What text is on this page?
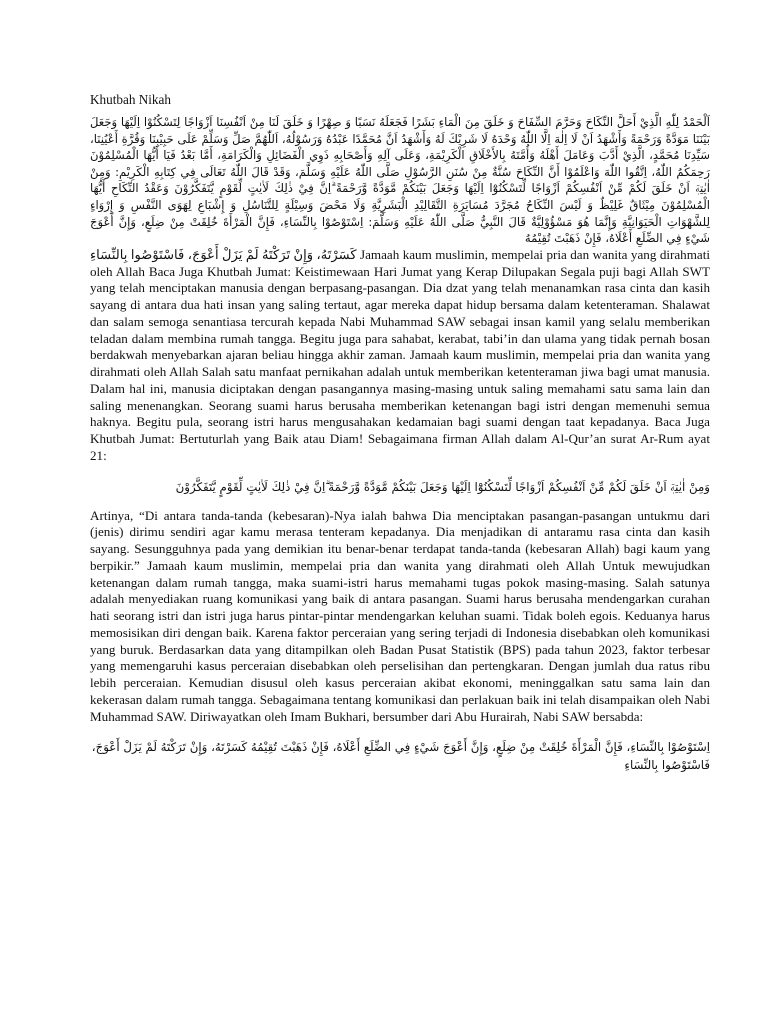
Khutbah Nikah

اَلْحَمْدُ لِلّٰهِ الَّذِيْ أَحَلَّ النِّكَاحَ وَحَرَّمَ السِّفَاحَ وَ خَلَقَ مِنَ الْمَاءِ بَشَرًا فَجَعَلَهُ نَسَبًا وَ صِهْرًا وَ خَلَقَ لَنَا مِنْ اَنْفُسِنَا اَزْوَاجًا لِتَسْكُنُوْا اِلَيْهَا وَجَعَلَ بَيْنَنَا مَوَدَّةً وَرَحْمَةً وَأَشْهَدُ اَنْ لَا اِلٰهَ اِلَّا اللّٰهُ وَحْدَهُ لَا شَرِيْكَ لَهُ وَأَشْهَدُ اَنَّ مُحَمَّدًا عَبْدُهُ وَرَسُوْلُهُ، اَللّٰهُمَّ صَلِّ وَسَلِّمْ عَلَى حَبِيْبِنَا وَقُرَّةِ أَعْيُنِنَا، سَيِّدِنَا مُحَمَّدٍ، الَّذِيْ أَدَّبَ وَعَامَلَ أَهْلَهُ وَأُمَّتَهُ بِالأَخْلَاقِ الْكَرِيْمَةِ، وَعَلَى آلِهِ وَأَصْحَابِهِ ذَوِي الْفَضَائِلِ وَالْكَرَامَةِ، أَمَّا بَعْدُ فَيَا أَيُّهَا الْمُسْلِمُوْنَ رَحِمَكُمُ اللّٰهُ، اِتَّقُوا اللّٰهَ وَاعْلَمُوْا أَنَّ النِّكَاحَ سُنَّةٌ مِنْ سُنَنِ الرَّسُوْلِ صَلَّى اللّٰهُ عَلَيْهِ وَسَلَّمَ، وَقَدْ قَالَ اللّٰهُ تَعَالَى فِي كِتَابِهِ الْكَرِيْمِ: وَمِنْ اٰيٰتِهٖٓ اَنْ خَلَقَ لَكُمْ مِّنْ اَنْفُسِكُمْ اَزْوَاجًا لِّتَسْكُنُوْٓا اِلَيْهَا وَجَعَلَ بَيْنَكُمْ مَّوَدَّةً وَّرَحْمَةً ۗاِنَّ فِيْ ذٰلِكَ لَاٰيٰتٍ لِّقَوْمٍ يَّتَفَكَّرُوْنَ وَعَقْدُ النِّكَاحِ أَيُّهَا الْمُسْلِمُوْنَ مِيْثَاقٌ غَلِيْظٌ وَ لَيْسَ النِّكَاحُ مُجَرَّدَ مُسَايَرَةِ التَّقَالِيْدِ الْبَشَرِيَّةِ وَلَا مَحْضَ وَسِيْلَةٍ لِلتَّنَاسُلِ وَ إِشْبَاعِ لِهَوَى النَّفْسِ وَ إِرْوَاءٍ لِلشَّهْوَاتِ الْحَيَوَانِيَّةِ وَإِنَّمَا هُوَ مَسْؤُوْلِيَّةٌ قَالَ النَّبِيُّ صَلَّى اللّٰهُ عَلَيْهِ وَسَلَّمَ: اِسْتَوْصُوْا بِالنِّسَاءِ، فَإِنَّ الْمَرْأَةَ خُلِقَتْ مِنْ ضِلَعٍ، وَإِنَّ أَعْوَجَ شَيْءٍ فِي الضِّلَعِ أَعْلَاهُ، فَإِنْ ذَهَبْتَ تُقِيْمُهُ

كَسَرْتَهُ، وَإِنْ تَرَكْتَهُ لَمْ يَزَلْ أَعْوَجَ، فَاسْتَوْصُوا بِالنِّسَاءِ Jamaah kaum muslimin, mempelai pria dan wanita yang dirahmati oleh Allah Baca Juga Khutbah Jumat: Keistimewaan Hari Jumat yang Kerap Dilupakan Segala puji bagi Allah SWT yang telah menciptakan manusia dengan berpasang-pasangan. Dia dzat yang telah menanamkan rasa cinta dan kasih sayang di antara dua hati insan yang saling tertaut, agar mereka dapat hidup bersama dalam ketenteraman. Shalawat dan salam semoga senantiasa tercurah kepada Nabi Muhammad SAW sebagai insan kamil yang selalu memberikan teladan dalam membina rumah tangga. Begitu juga para sahabat, kerabat, tabi’in dan ulama yang tidak pernah bosan berdakwah menyebarkan ajaran beliau hingga akhir zaman. Jamaah kaum muslimin, mempelai pria dan wanita yang dirahmati oleh Allah Salah satu manfaat pernikahan adalah untuk memberikan ketenteraman jiwa bagi umat manusia. Dalam hal ini, manusia diciptakan dengan pasangannya masing-masing untuk saling memahami satu sama lain dan saling menenangkan. Seorang suami harus berusaha memberikan ketenangan bagi istri dengan memenuhi semua haknya. Begitu pula, seorang istri harus mengusahakan kedamaian bagi suami dengan taat kepadanya. Baca Juga Khutbah Jumat: Bertuturlah yang Baik atau Diam! Sebagaimana firman Allah dalam Al-Qur’an surat Ar-Rum ayat 21:

وَمِنْ اٰيٰتِهٖٓ اَنْ خَلَقَ لَكُمْ مِّنْ اَنْفُسِكُمْ اَزْوَاجًا لِّتَسْكُنُوْٓا اِلَيْهَا وَجَعَلَ بَيْنَكُمْ مَّوَدَّةً وَّرَحْمَةً ۗاِنَّ فِيْ ذٰلِكَ لَاٰيٰتٍ لِّقَوْمٍ يَّتَفَكَّرُوْنَ

Artinya, “Di antara tanda-tanda (kebesaran)-Nya ialah bahwa Dia menciptakan pasangan-pasangan untukmu dari (jenis) dirimu sendiri agar kamu merasa tenteram kepadanya. Dia menjadikan di antaramu rasa cinta dan kasih sayang. Sesungguhnya pada yang demikian itu benar-benar terdapat tanda-tanda (kebesaran Allah) bagi kaum yang berpikir.” Jamaah kaum muslimin, mempelai pria dan wanita yang dirahmati oleh Allah Untuk mewujudkan ketenangan dalam rumah tangga, maka suami-istri harus memahami tugas pokok masing-masing. Salah satunya adalah menyediakan ruang komunikasi yang baik di antara pasangan. Suami harus berusaha mendengarkan curahan hati seorang istri dan istri juga harus pintar-pintar mendengarkan keluhan suami. Tidak boleh egois. Keduanya harus memosisikan diri dengan baik. Karena faktor perceraian yang sering terjadi di Indonesia disebabkan oleh komunikasi yang buruk. Berdasarkan data yang ditampilkan oleh Badan Pusat Statistik (BPS) pada tahun 2023, faktor terbesar yang memengaruhi kasus perceraian disebabkan oleh perselisihan dan pertengkaran. Dengan jumlah dua ratus ribu lebih perceraian. Kemudian disusul oleh kasus perceraian akibat ekonomi, meninggalkan satu sama lain dan kekerasan dalam rumah tangga. Sebagaimana tentang komunikasi dan perlakuan baik ini telah disampaikan oleh Nabi Muhammad SAW. Diriwayatkan oleh Imam Bukhari, bersumber dari Abu Hurairah, Nabi SAW bersabda:

اِسْتَوْصُوْا بِالنِّسَاءِ، فَإِنَّ الْمَرْأَةَ خُلِقَتْ مِنْ ضِلَعٍ، وَإِنَّ أَعْوَجَ شَيْءٍ فِي الضِّلَعِ أَعْلَاهُ، فَإِنْ ذَهَبْتَ تُقِيْمُهُ كَسَرْتَهُ، وَإِنْ تَرَكْتَهُ لَمْ يَزَلْ أَعْوَجَ، فَاسْتَوْصُوا بِالنِّسَاءِ
